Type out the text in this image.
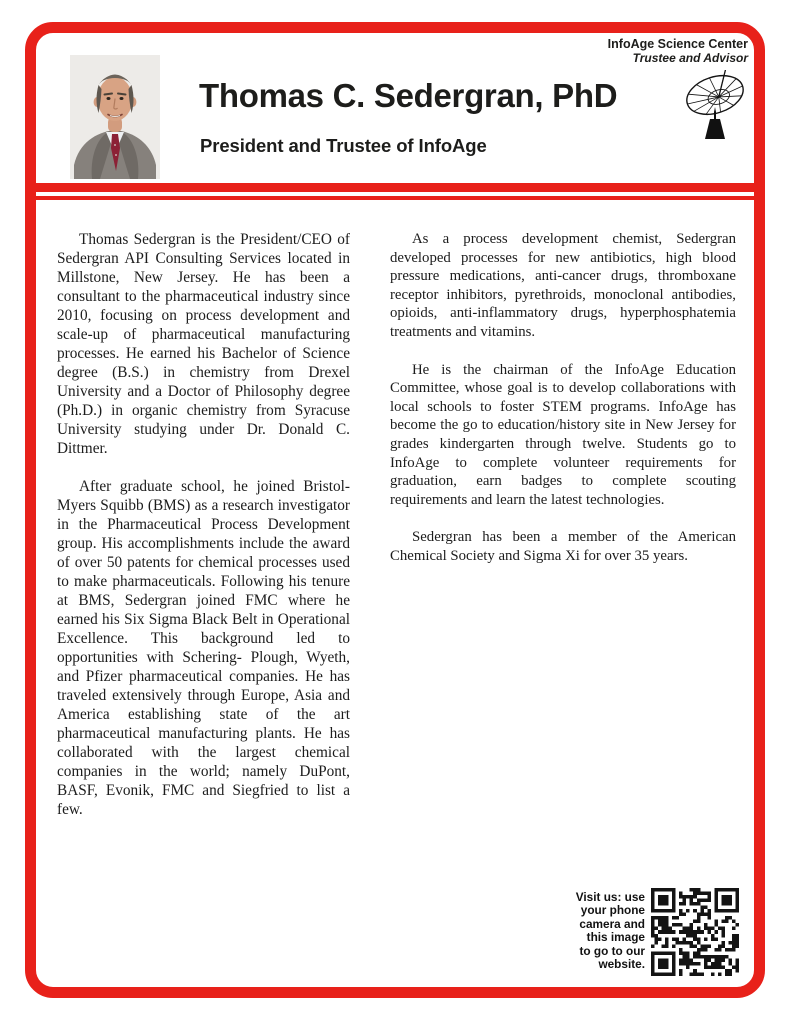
Thomas C. Sedergran, PhD
President and Trustee of InfoAge
InfoAge Science Center
Trustee and Advisor

Thomas Sedergran is the President/CEO of Sedergran API Consulting Services located in Millstone, New Jersey. He has been a consultant to the pharmaceutical industry since 2010, focusing on process development and scale-up of pharmaceutical manufacturing processes. He earned his Bachelor of Science degree (B.S.) in chemistry from Drexel University and a Doctor of Philosophy degree (Ph.D.) in organic chemistry from Syracuse University studying under Dr. Donald C. Dittmer.

After graduate school, he joined Bristol-Myers Squibb (BMS) as a research investigator in the Pharmaceutical Process Development group. His accomplishments include the award of over 50 patents for chemical processes used to make pharmaceuticals. Following his tenure at BMS, Sedergran joined FMC where he earned his Six Sigma Black Belt in Operational Excellence. This background led to opportunities with Schering- Plough, Wyeth, and Pfizer pharmaceutical companies. He has traveled extensively through Europe, Asia and America establishing state of the art pharmaceutical manufacturing plants. He has collaborated with the largest chemical companies in the world; namely DuPont, BASF, Evonik, FMC and Siegfried to list a few.

As a process development chemist, Sedergran developed processes for new antibiotics, high blood pressure medications, anti-cancer drugs, thromboxane receptor inhibitors, pyrethroids, monoclonal antibodies, opioids, anti-inflammatory drugs, hyperphosphatemia treatments and vitamins.

He is the chairman of the InfoAge Education Committee, whose goal is to develop collaborations with local schools to foster STEM programs. InfoAge has become the go to education/history site in New Jersey for grades kindergarten through twelve. Students go to InfoAge to complete volunteer requirements for graduation, earn badges to complete scouting requirements and learn the latest technologies.

Sedergran has been a member of the American Chemical Society and Sigma Xi for over 35 years.

Visit us: use
your phone
camera and
this image
to go to our
website.
